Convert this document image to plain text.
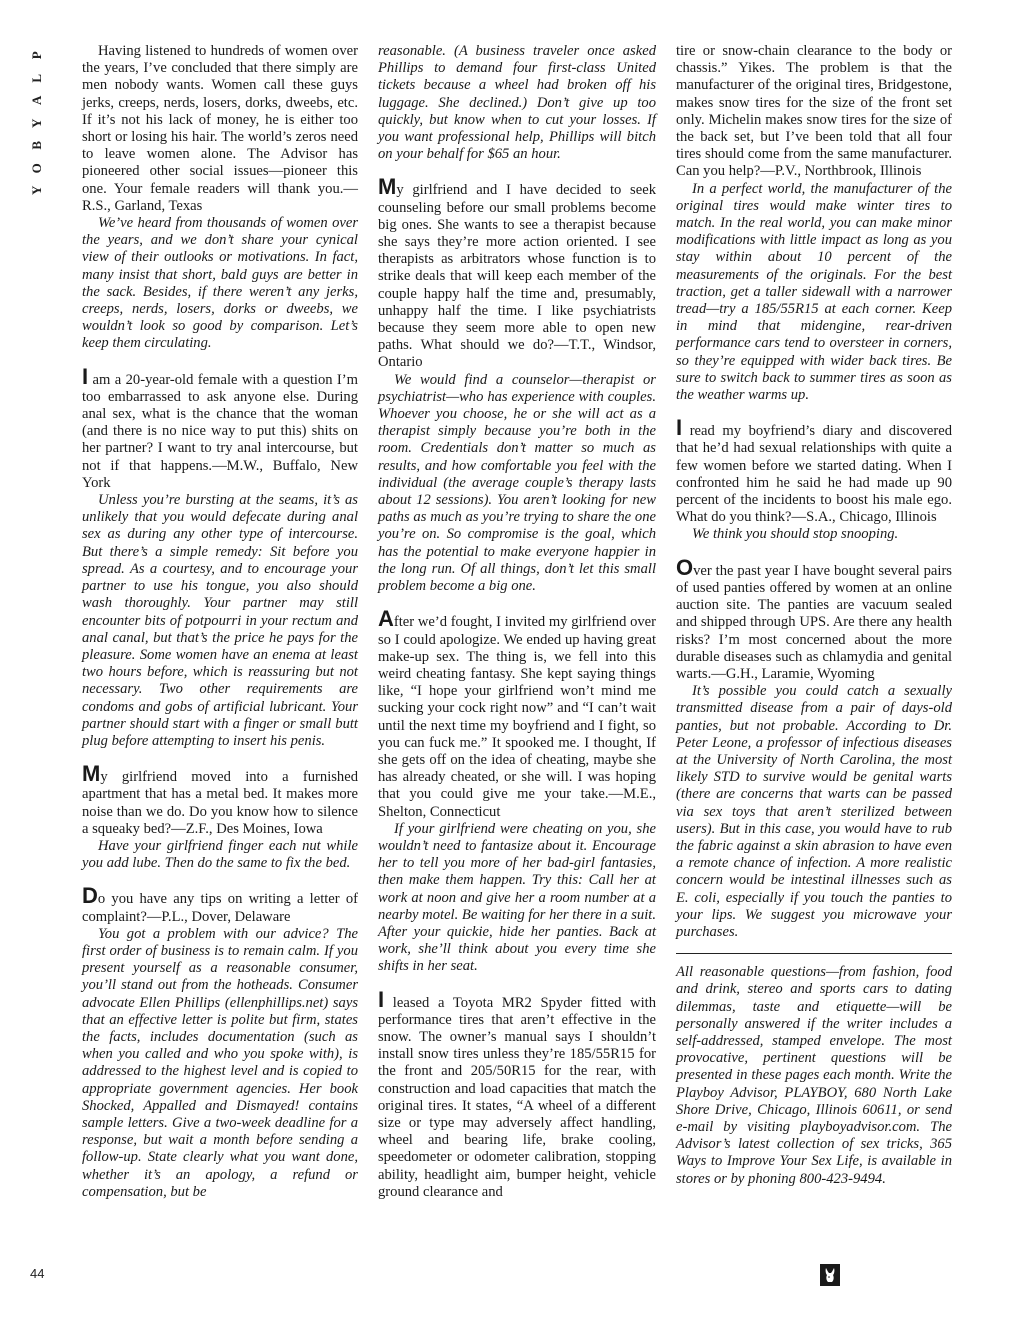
P
L
A
Y
B
O
Y

Having listened to hundreds of women over the years, I’ve concluded that there simply are men nobody wants. Women call these guys jerks, creeps, nerds, losers, dorks, dweebs, etc. If it’s not his lack of money, he is either too short or losing his hair. The world’s zeros need to leave women alone. The Advisor has pioneered other social issues—pioneer this one. Your female readers will thank you.—R.S., Garland, Texas

We’ve heard from thousands of women over the years, and we don’t share your cynical view of their outlooks or motivations. In fact, many insist that short, bald guys are better in the sack. Besides, if there weren’t any jerks, creeps, nerds, losers, dorks or dweebs, we wouldn’t look so good by comparison. Let’s keep them circulating.

I am a 20-year-old female with a question I’m too embarrassed to ask anyone else. During anal sex, what is the chance that the woman (and there is no nice way to put this) shits on her partner? I want to try anal intercourse, but not if that happens.—M.W., Buffalo, New York

Unless you’re bursting at the seams, it’s as unlikely that you would defecate during anal sex as during any other type of intercourse. But there’s a simple remedy: Sit before you spread. As a courtesy, and to encourage your partner to use his tongue, you also should wash thoroughly. Your partner may still encounter bits of potpourri in your rectum and anal canal, but that’s the price he pays for the pleasure. Some women have an enema at least two hours before, which is reassuring but not necessary. Two other requirements are condoms and gobs of artificial lubricant. Your partner should start with a finger or small butt plug before attempting to insert his penis.

My girlfriend moved into a furnished apartment that has a metal bed. It makes more noise than we do. Do you know how to silence a squeaky bed?—Z.F., Des Moines, Iowa

Have your girlfriend finger each nut while you add lube. Then do the same to fix the bed.

Do you have any tips on writing a letter of complaint?—P.L., Dover, Delaware

You got a problem with our advice? The first order of business is to remain calm. If you present yourself as a reasonable consumer, you’ll stand out from the hotheads. Consumer advocate Ellen Phillips (ellenphillips.net) says that an effective letter is polite but firm, states the facts, includes documentation (such as when you called and who you spoke with), is addressed to the highest level and is copied to appropriate government agencies. Her book Shocked, Appalled and Dismayed! contains sample letters. Give a two-week deadline for a response, but wait a month before sending a follow-up. State clearly what you want done, whether it’s an apology, a refund or compensation, but be

reasonable. (A business traveler once asked Phillips to demand four first-class United tickets because a wheel had broken off his luggage. She declined.) Don’t give up too quickly, but know when to cut your losses. If you want professional help, Phillips will bitch on your behalf for $65 an hour.

My girlfriend and I have decided to seek counseling before our small problems become big ones. She wants to see a therapist because she says they’re more action oriented. I see therapists as arbitrators whose function is to strike deals that will keep each member of the couple happy half the time and, presumably, unhappy half the time. I like psychiatrists because they seem more able to open new paths. What should we do?—T.T., Windsor, Ontario

We would find a counselor—therapist or psychiatrist—who has experience with couples. Whoever you choose, he or she will act as a therapist simply because you’re both in the room. Credentials don’t matter so much as results, and how comfortable you feel with the individual (the average couple’s therapy lasts about 12 sessions). You aren’t looking for new paths as much as you’re trying to share the one you’re on. So compromise is the goal, which has the potential to make everyone happier in the long run. Of all things, don’t let this small problem become a big one.

After we’d fought, I invited my girlfriend over so I could apologize. We ended up having great make-up sex. The thing is, we fell into this weird cheating fantasy. She kept saying things like, “I hope your girlfriend won’t mind me sucking your cock right now” and “I can’t wait until the next time my boyfriend and I fight, so you can fuck me.” It spooked me. I thought, If she gets off on the idea of cheating, maybe she has already cheated, or she will. I was hoping that you could give me your take.—M.E., Shelton, Connecticut

If your girlfriend were cheating on you, she wouldn’t need to fantasize about it. Encourage her to tell you more of her bad-girl fantasies, then make them happen. Try this: Call her at work at noon and give her a room number at a nearby motel. Be waiting for her there in a suit. After your quickie, hide her panties. Back at work, she’ll think about you every time she shifts in her seat.

I leased a Toyota MR2 Spyder fitted with performance tires that aren’t effective in the snow. The owner’s manual says I shouldn’t install snow tires unless they’re 185/55R15 for the front and 205/50R15 for the rear, with construction and load capacities that match the original tires. It states, “A wheel of a different size or type may adversely affect handling, wheel and bearing life, brake cooling, speedometer or odometer calibration, stopping ability, headlight aim, bumper height, vehicle ground clearance and

tire or snow-chain clearance to the body or chassis.” Yikes. The problem is that the manufacturer of the original tires, Bridgestone, makes snow tires for the size of the front set only. Michelin makes snow tires for the size of the back set, but I’ve been told that all four tires should come from the same manufacturer. Can you help?—P.V., Northbrook, Illinois

In a perfect world, the manufacturer of the original tires would make winter tires to match. In the real world, you can make minor modifications with little impact as long as you stay within about 10 percent of the measurements of the originals. For the best traction, get a taller sidewall with a narrower tread—try a 185/55R15 at each corner. Keep in mind that midengine, rear-driven performance cars tend to oversteer in corners, so they’re equipped with wider back tires. Be sure to switch back to summer tires as soon as the weather warms up.

I read my boyfriend’s diary and discovered that he’d had sexual relationships with quite a few women before we started dating. When I confronted him he said he had made up 90 percent of the incidents to boost his male ego. What do you think?—S.A., Chicago, Illinois

We think you should stop snooping.

Over the past year I have bought several pairs of used panties offered by women at an online auction site. The panties are vacuum sealed and shipped through UPS. Are there any health risks? I’m most concerned about the more durable diseases such as chlamydia and genital warts.—G.H., Laramie, Wyoming

It’s possible you could catch a sexually transmitted disease from a pair of days-old panties, but not probable. According to Dr. Peter Leone, a professor of infectious diseases at the University of North Carolina, the most likely STD to survive would be genital warts (there are concerns that warts can be passed via sex toys that aren’t sterilized between users). But in this case, you would have to rub the fabric against a skin abrasion to have even a remote chance of infection. A more realistic concern would be intestinal illnesses such as E. coli, especially if you touch the panties to your lips. We suggest you microwave your purchases.

All reasonable questions—from fashion, food and drink, stereo and sports cars to dating dilemmas, taste and etiquette—will be personally answered if the writer includes a self-addressed, stamped envelope. The most provocative, pertinent questions will be presented in these pages each month. Write the Playboy Advisor, PLAYBOY, 680 North Lake Shore Drive, Chicago, Illinois 60611, or send e-mail by visiting playboyadvisor.com. The Advisor’s latest collection of sex tricks, 365 Ways to Improve Your Sex Life, is available in stores or by phoning 800-423-9494.

44
